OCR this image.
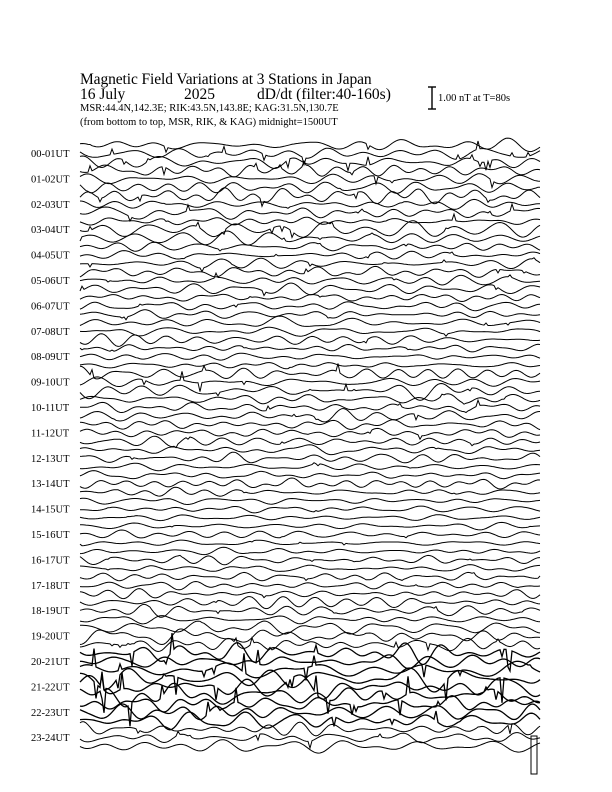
Magnetic Field Variations at 3 Stations in Japan
16 July	2025	dD/dt (filter:40-160s)
MSR:44.4N,142.3E; RIK:43.5N,143.8E; KAG:31.5N,130.7E
(from bottom to top, MSR, RIK, & KAG) midnight=1500UT
1.00 nT at T=80s
00-01UT
01-02UT
02-03UT
03-04UT
04-05UT
05-06UT
06-07UT
07-08UT
08-09UT
09-10UT
10-11UT
11-12UT
12-13UT
13-14UT
14-15UT
15-16UT
16-17UT
17-18UT
18-19UT
19-20UT
20-21UT
21-22UT
22-23UT
23-24UT
